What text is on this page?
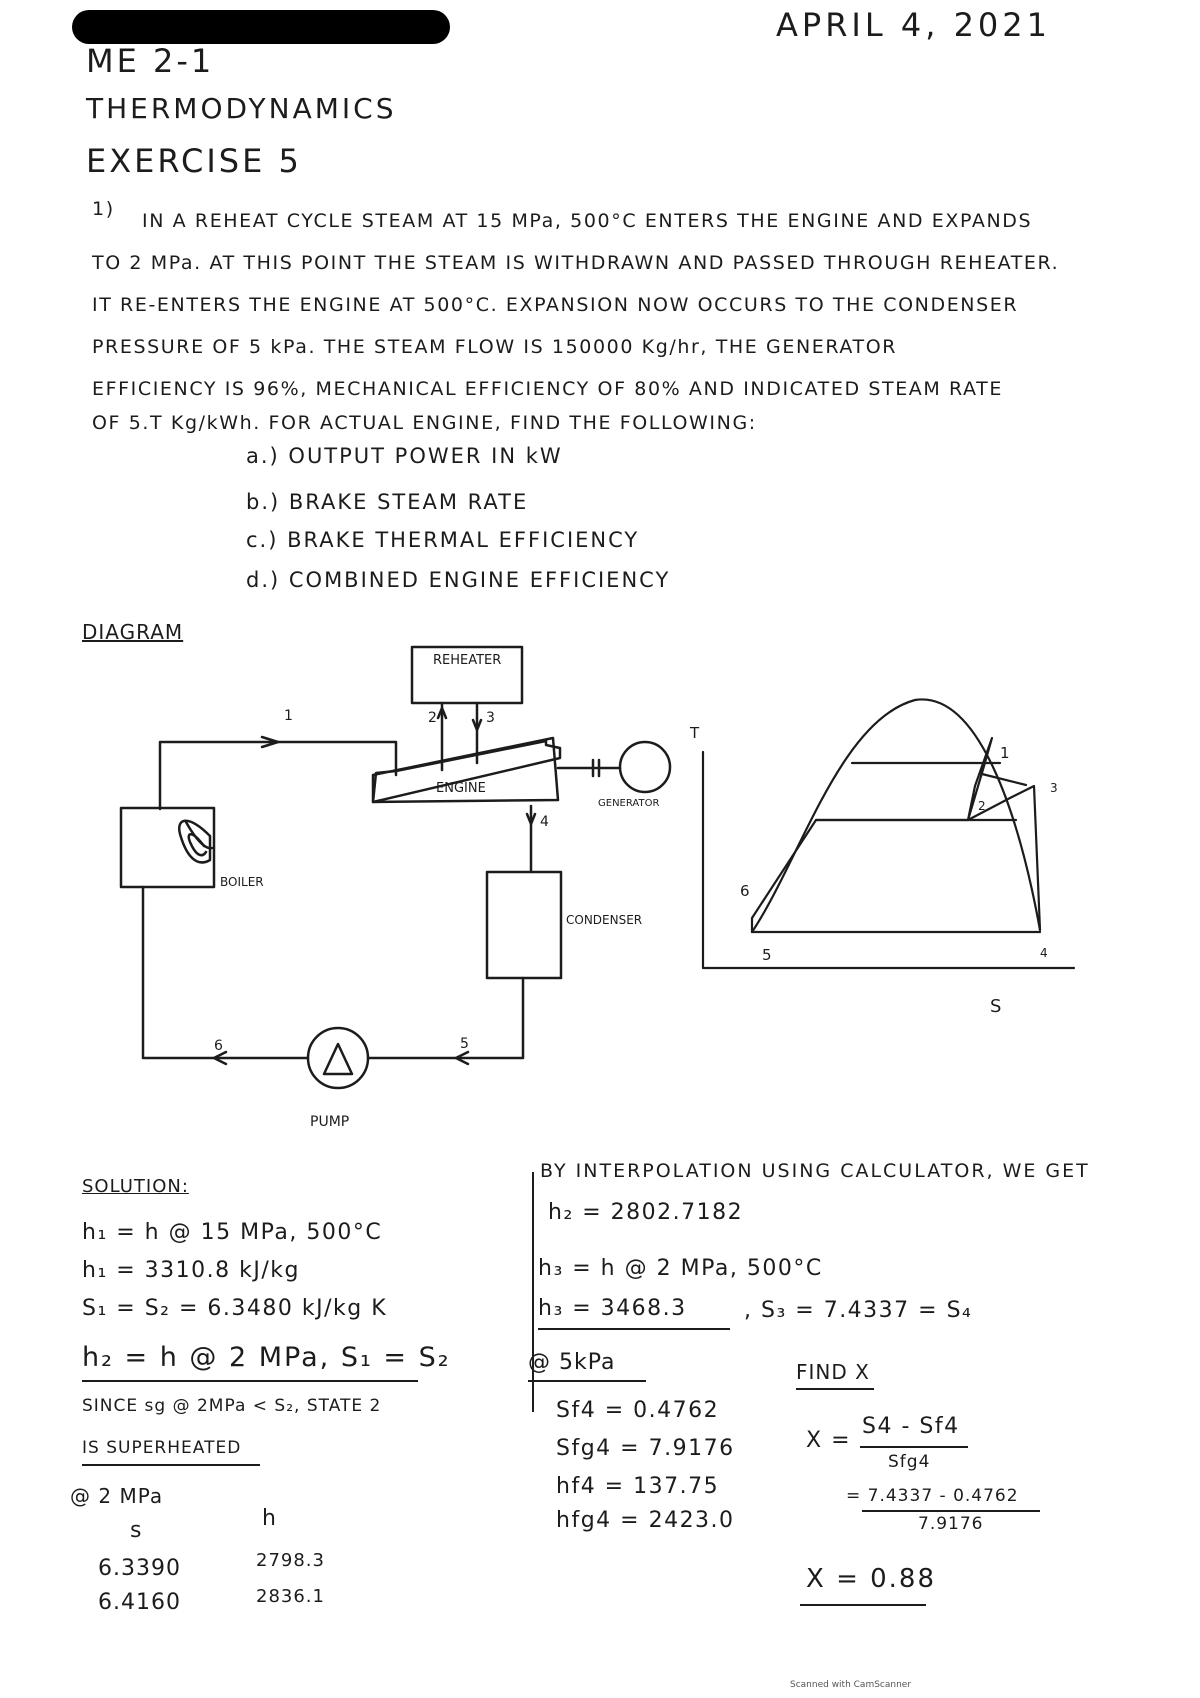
APRIL 4, 2021
ME 2-1
THERMODYNAMICS
EXERCISE 5
1)
IN A REHEAT CYCLE STEAM AT 15 MPa, 500°C ENTERS THE ENGINE AND EXPANDS
TO 2 MPa. AT THIS POINT THE STEAM IS WITHDRAWN AND PASSED THROUGH REHEATER.
IT RE-ENTERS THE ENGINE AT 500°C. EXPANSION NOW OCCURS TO THE CONDENSER
PRESSURE OF 5 kPa. THE STEAM FLOW IS 150000 Kg/hr, THE GENERATOR
EFFICIENCY IS 96%, MECHANICAL EFFICIENCY OF 80% AND INDICATED STEAM RATE
OF 5.T Kg/kWh. FOR ACTUAL ENGINE, FIND THE FOLLOWING:
a.) OUTPUT POWER IN kW
b.) BRAKE STEAM RATE
c.) BRAKE THERMAL EFFICIENCY
d.) COMBINED ENGINE EFFICIENCY
DIAGRAM
REHEATER
ENGINE
GENERATOR
CONDENSER
BOILER
PUMP
1	2	3
4
5
6
T
S
1
2
3
4
5
6
SOLUTION:
h₁ = h @ 15 MPa, 500°C
h₁ = 3310.8 kJ/kg
S₁ = S₂ = 6.3480 kJ/kg K
h₂ = h @ 2 MPa, S₁ = S₂
SINCE sg @ 2MPa < S₂, STATE 2
IS SUPERHEATED
@ 2 MPa
s	h
6.3390	2798.3
6.4160	2836.1
BY INTERPOLATION USING CALCULATOR, WE GET
h₂ = 2802.7182
h₃ = h @ 2 MPa, 500°C
h₃ = 3468.3	, S₃ = 7.4337 = S₄
@ 5kPa
Sf4 = 0.4762
Sfg4 = 7.9176
hf4 = 137.75
hfg4 = 2423.0
FIND X
X =
S4 - Sf4
Sfg4
= 7.4337 - 0.4762
7.9176
X = 0.88
Scanned with CamScanner
